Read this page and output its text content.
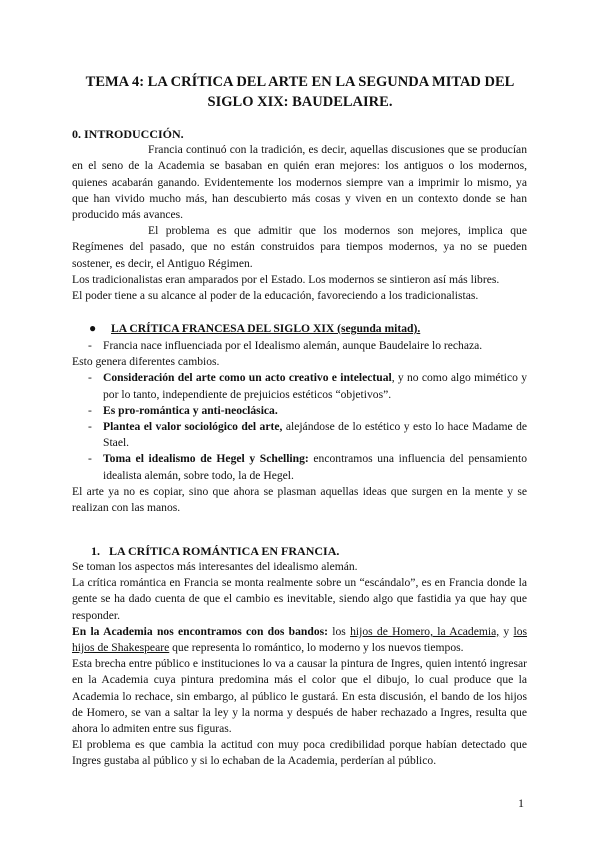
TEMA 4: LA CRÍTICA DEL ARTE EN LA SEGUNDA MITAD DEL
SIGLO XIX: BAUDELAIRE.
0. INTRODUCCIÓN.

Francia continuó con la tradición, es decir, aquellas discusiones que se producían en el seno de la Academia se basaban en quién eran mejores: los antiguos o los modernos, quienes acabarán ganando. Evidentemente los modernos siempre van a imprimir lo mismo, ya que han vivido mucho más, han descubierto más cosas y viven en un contexto donde se han producido más avances.

El problema es que admitir que los modernos son mejores, implica que Regímenes del pasado, que no están construidos para tiempos modernos, ya no se pueden sostener, es decir, el Antiguo Régimen.

Los tradicionalistas eran amparados por el Estado. Los modernos se sintieron así más libres.

El poder tiene a su alcance al poder de la educación, favoreciendo a los tradicionalistas.

● LA CRÍTICA FRANCESA DEL SIGLO XIX (segunda mitad).
- Francia nace influenciada por el Idealismo alemán, aunque Baudelaire lo rechaza.

Esto genera diferentes cambios.

- Consideración del arte como un acto creativo e intelectual, y no como algo mimético y por lo tanto, independiente de prejuicios estéticos “objetivos”.
- Es pro-romántica y anti-neoclásica.
- Plantea el valor sociológico del arte, alejándose de lo estético y esto lo hace Madame de Stael.
- Toma el idealismo de Hegel y Schelling: encontramos una influencia del pensamiento idealista alemán, sobre todo, la de Hegel.

El arte ya no es copiar, sino que ahora se plasman aquellas ideas que surgen en la mente y se realizan con las manos.

1. LA CRÍTICA ROMÁNTICA EN FRANCIA.

Se toman los aspectos más interesantes del idealismo alemán.

La crítica romántica en Francia se monta realmente sobre un “escándalo”, es en Francia donde la gente se ha dado cuenta de que el cambio es inevitable, siendo algo que fastidia ya que hay que responder.

En la Academia nos encontramos con dos bandos: los hijos de Homero, la Academia, y los hijos de Shakespeare que representa lo romántico, lo moderno y los nuevos tiempos.

Esta brecha entre público e instituciones lo va a causar la pintura de Ingres, quien intentó ingresar en la Academia cuya pintura predomina más el color que el dibujo, lo cual produce que la Academia lo rechace, sin embargo, al público le gustará. En esta discusión, el bando de los hijos de Homero, se van a saltar la ley y la norma y después de haber rechazado a Ingres, resulta que ahora lo admiten entre sus figuras.

El problema es que cambia la actitud con muy poca credibilidad porque habían detectado que Ingres gustaba al público y si lo echaban de la Academia, perderían al público.

1
